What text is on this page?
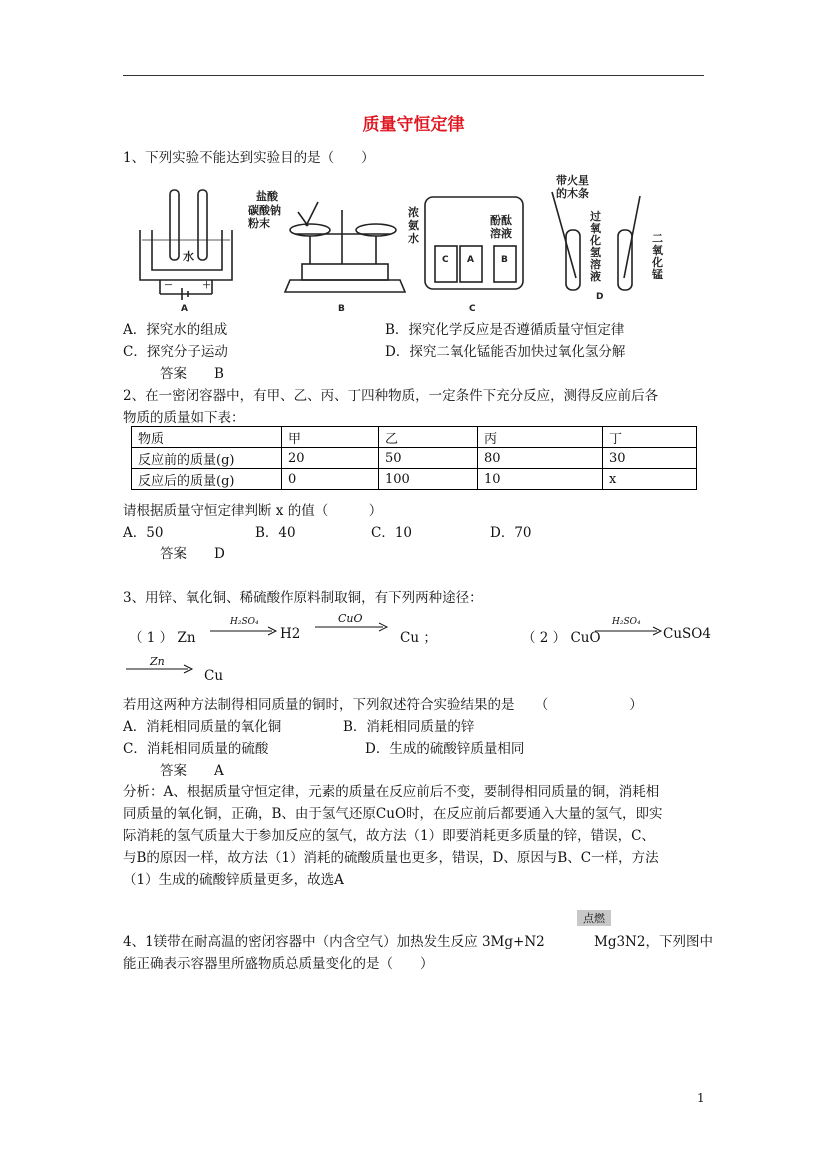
质量守恒定律
1、下列实验不能达到实验目的是（　　）
A
水
－	＋
B
盐酸
碳酸钠
粉末
C
浓
氨
水
酚酞
溶液
C A	B
D
带火星
的木条
过
氧
化
氢
溶
液
二
氧
化
锰
A．探究水的组成	B．探究化学反应是否遵循质量守恒定律
C．探究分子运动	D．探究二氧化锰能否加快过氧化氢分解
答案　　B
2、在一密闭容器中，有甲、乙、丙、丁四种物质，一定条件下充分反应，测得反应前后各
物质的质量如下表：
物质	甲	乙	丙	丁
反应前的质量(g)	20	50	80	30
反应后的质量(g)	0	100	10	x
请根据质量守恒定律判断 x 的值（　　　）
A．50	B．40	C．10	D．70
答案　　D
3、用锌、氧化铜、稀硫酸作原料制取铜，有下列两种途径：
（ 1 ） Zn
H₂SO₄
H2
CuO
Cu ；	（ 2 ） CuO
H₂SO₄
CuSO4
Zn
Cu
若用这两种方法制得相同质量的铜时，下列叙述符合实验结果的是　　（　　　　　　）
A．消耗相同质量的氧化铜	B．消耗相同质量的锌
C．消耗相同质量的硫酸	D．生成的硫酸锌质量相同
答案　　A
分析：A、根据质量守恒定律，元素的质量在反应前后不变，要制得相同质量的铜，消耗相
同质量的氧化铜，正确，B、由于氢气还原CuO时，在反应前后都要通入大量的氢气，即实
际消耗的氢气质量大于参加反应的氢气，故方法（1）即要消耗更多质量的锌，错误，C、
与B的原因一样，故方法（1）消耗的硫酸质量也更多，错误，D、原因与B、C一样，方法
（1）生成的硫酸锌质量更多，故选A
4、1镁带在耐高温的密闭容器中（内含空气）加热发生反应 3Mg+N2
点燃
Mg3N2，下列图中
能正确表示容器里所盛物质总质量变化的是（　　）
1
